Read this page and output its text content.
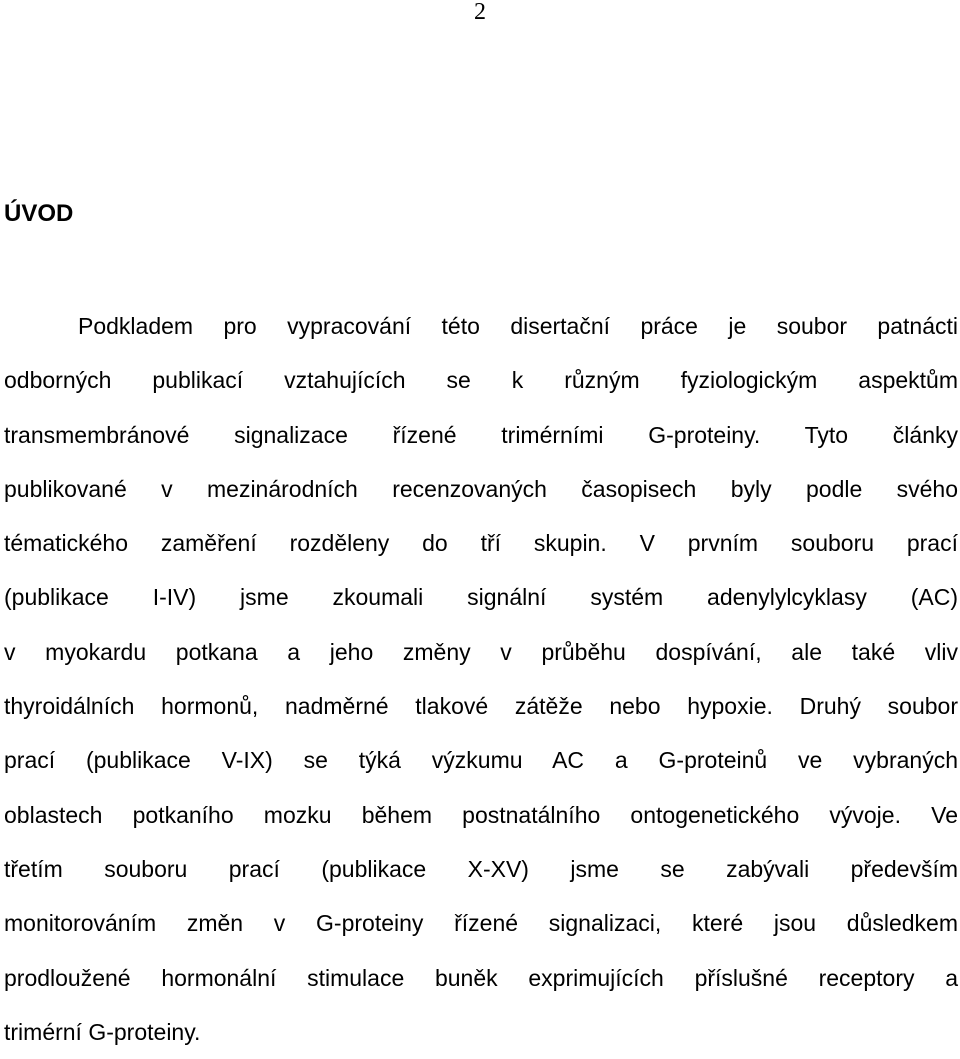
2
ÚVOD
Podkladem pro vypracování této disertační práce je soubor patnácti
odborných publikací vztahujících se k různým fyziologickým aspektům
transmembránové signalizace řízené trimérními G-proteiny. Tyto články
publikované v mezinárodních recenzovaných časopisech byly podle svého
tématického zaměření rozděleny do tří skupin. V prvním souboru prací
(publikace I-IV) jsme zkoumali signální systém adenylylcyklasy (AC)
v myokardu potkana a jeho změny v průběhu dospívání, ale také vliv
thyroidálních hormonů, nadměrné tlakové zátěže nebo hypoxie. Druhý soubor
prací (publikace V-IX) se týká výzkumu AC a G-proteinů ve vybraných
oblastech potkaního mozku během postnatálního ontogenetického vývoje. Ve
třetím souboru prací (publikace X-XV) jsme se zabývali především
monitorováním změn v G-proteiny řízené signalizaci, které jsou důsledkem
prodloužené hormonální stimulace buněk exprimujících příslušné receptory a
trimérní G-proteiny.
